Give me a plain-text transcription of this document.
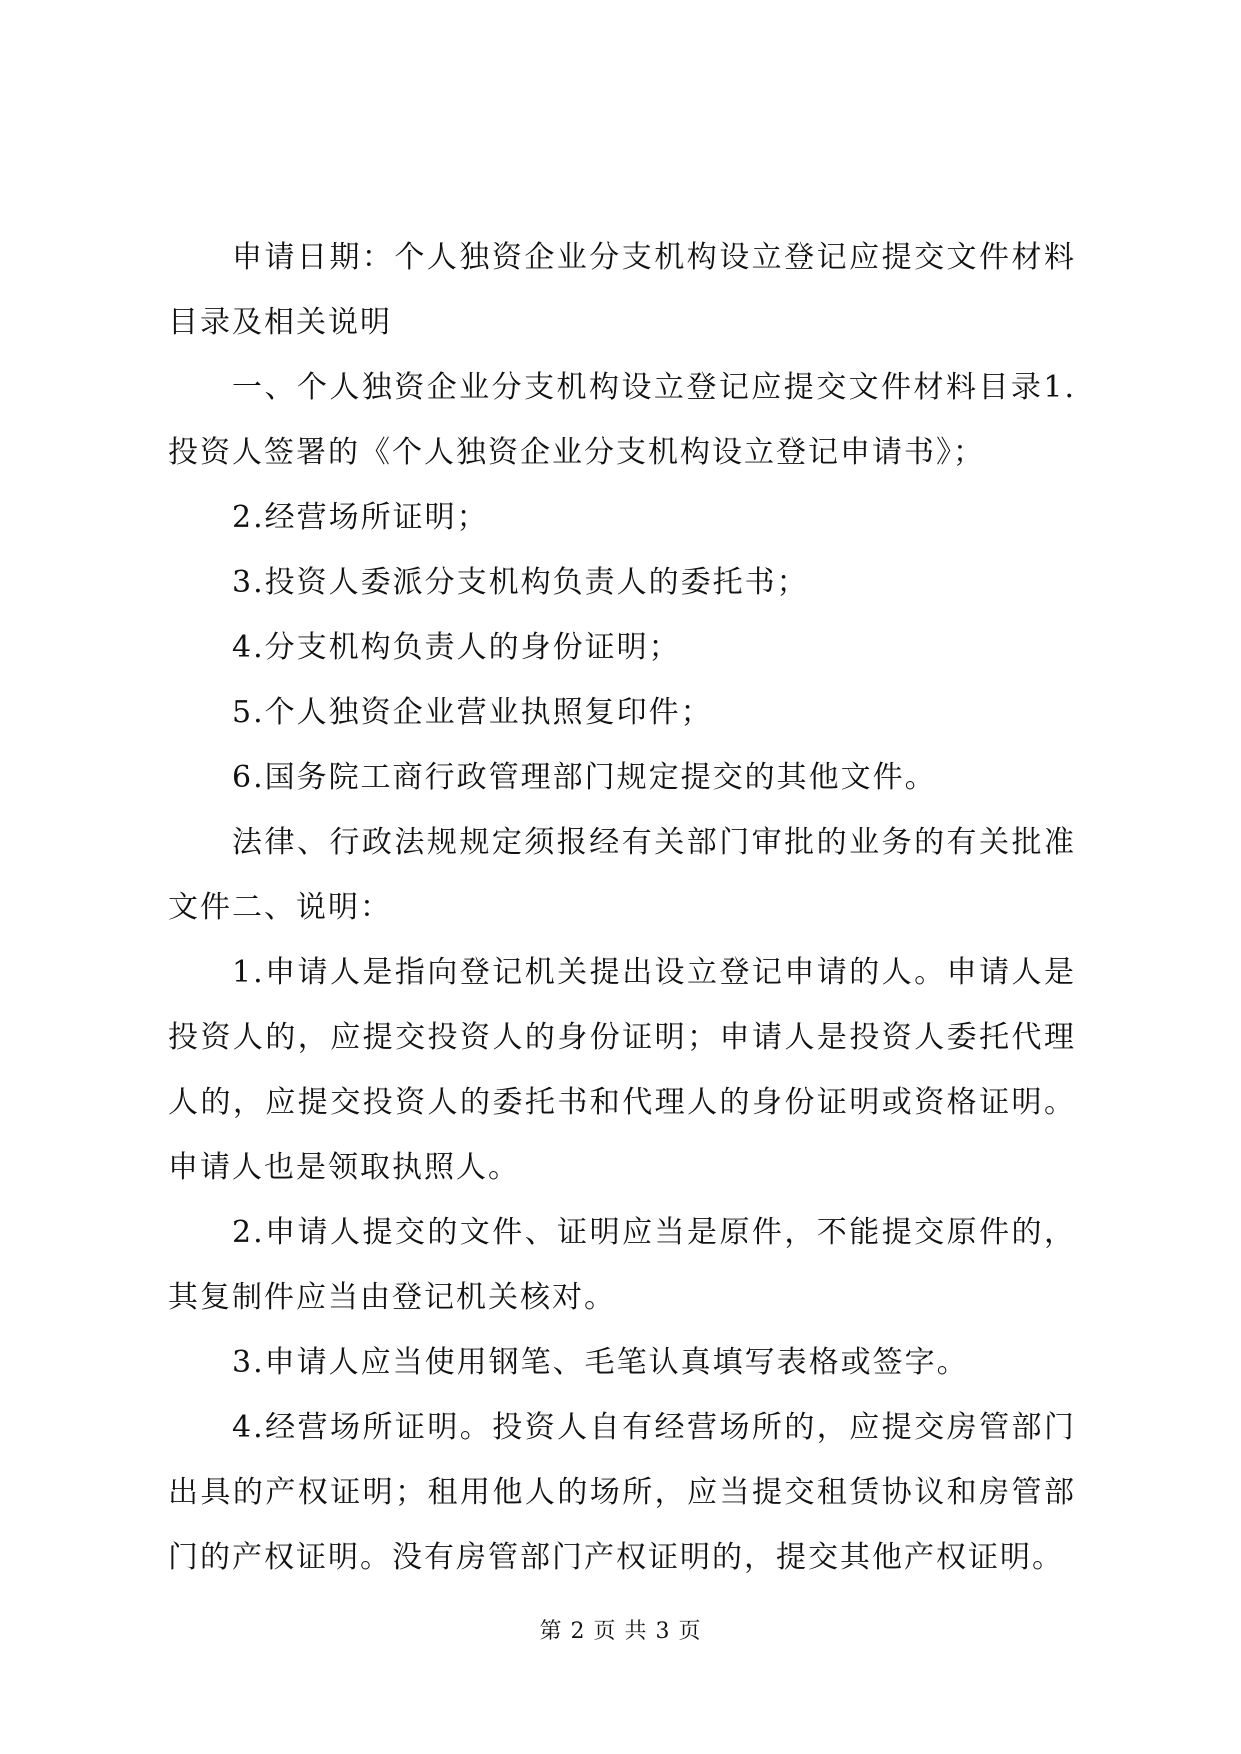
申请日期：个人独资企业分支机构设立登记应提交文件材料目录及相关说明

一、个人独资企业分支机构设立登记应提交文件材料目录1.投资人签署的《个人独资企业分支机构设立登记申请书》；

2.经营场所证明；

3.投资人委派分支机构负责人的委托书；

4.分支机构负责人的身份证明；

5.个人独资企业营业执照复印件；

6.国务院工商行政管理部门规定提交的其他文件。

法律、行政法规规定须报经有关部门审批的业务的有关批准文件二、说明：

1.申请人是指向登记机关提出设立登记申请的人。申请人是投资人的，应提交投资人的身份证明；申请人是投资人委托代理人的，应提交投资人的委托书和代理人的身份证明或资格证明。申请人也是领取执照人。

2.申请人提交的文件、证明应当是原件，不能提交原件的，其复制件应当由登记机关核对。

3.申请人应当使用钢笔、毛笔认真填写表格或签字。

4.经营场所证明。投资人自有经营场所的，应提交房管部门出具的产权证明；租用他人的场所，应当提交租赁协议和房管部门的产权证明。没有房管部门产权证明的，提交其他产权证明。

第 2 页 共 3 页
